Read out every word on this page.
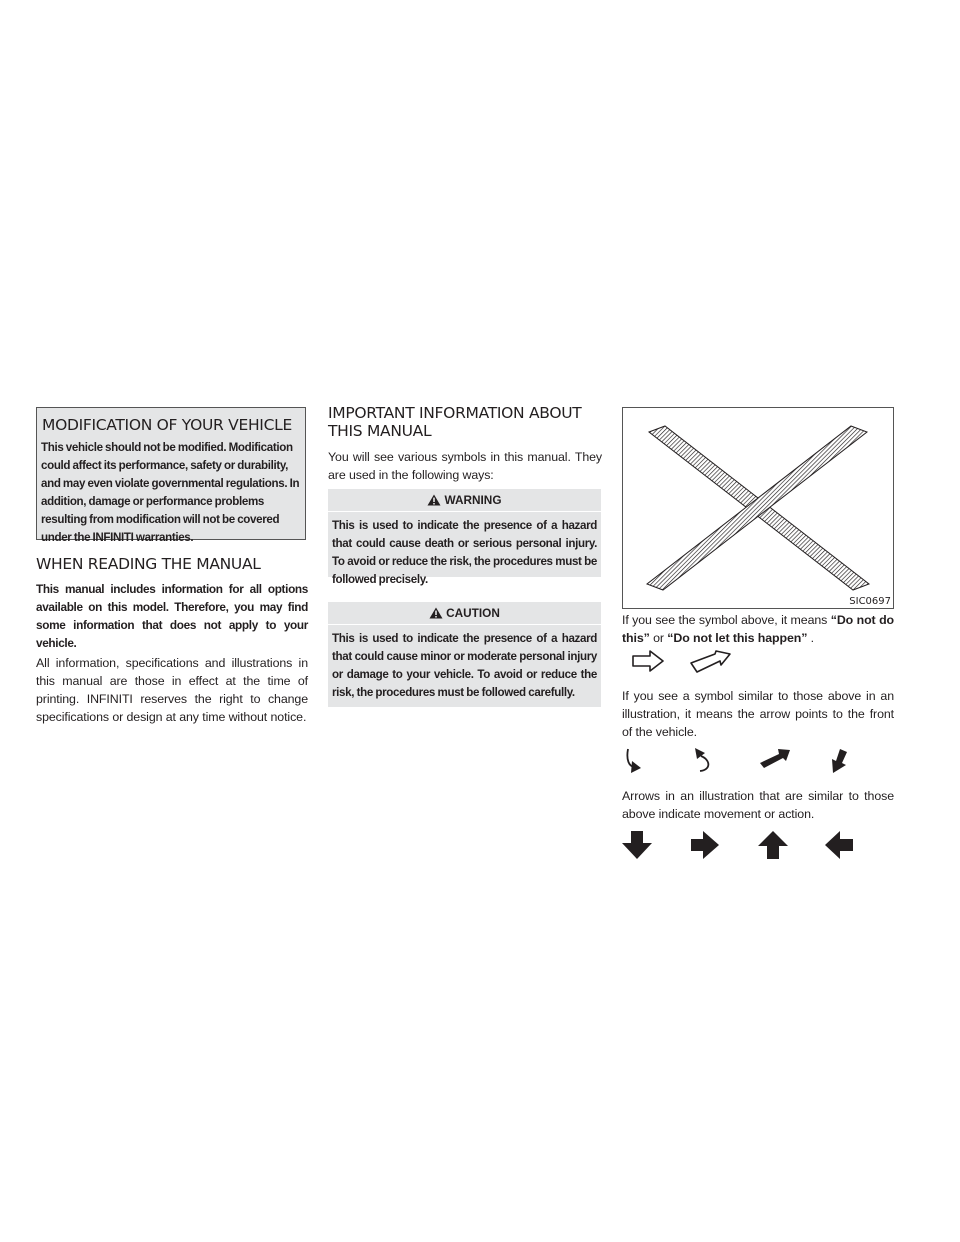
MODIFICATION OF YOUR VEHICLE

This vehicle should not be modified. Modification could affect its performance, safety or durability, and may even violate governmental regulations. In addition, damage or performance problems resulting from modification will not be covered under the INFINITI warranties.

WHEN READING THE MANUAL

This manual includes information for all options available on this model. Therefore, you may find some information that does not apply to your vehicle.

All information, specifications and illustrations in this manual are those in effect at the time of printing. INFINITI reserves the right to change specifications or design at any time without notice.

IMPORTANT INFORMATION ABOUT
THIS MANUAL

You will see various symbols in this manual. They are used in the following ways:

WARNING

This is used to indicate the presence of a hazard that could cause death or serious personal injury. To avoid or reduce the risk, the procedures must be followed precisely.

CAUTION

This is used to indicate the presence of a hazard that could cause minor or moderate personal injury or damage to your vehicle. To avoid or reduce the risk, the procedures must be followed carefully.

SIC0697

If you see the symbol above, it means “Do not do this” or “Do not let this happen” .

If you see a symbol similar to those above in an illustration, it means the arrow points to the front of the vehicle.

Arrows in an illustration that are similar to those above indicate movement or action.
